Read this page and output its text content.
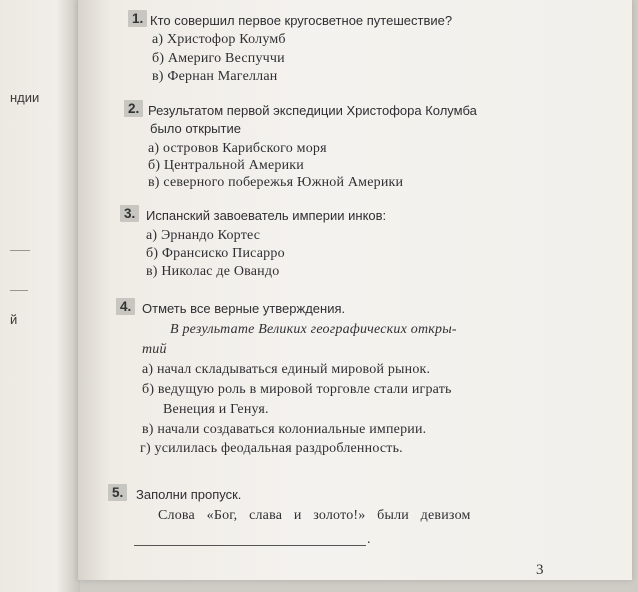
ндии
й
1. Кто совершил первое кругосветное путешествие?
а) Христофор Колумб
б) Америго Веспуччи
в) Фернан Магеллан
2. Результатом первой экспедиции Христофора Колумба
было открытие
а) островов Карибского моря
б) Центральной Америки
в) северного побережья Южной Америки
3. Испанский завоеватель империи инков:
а) Эрнандо Кортес
б) Франсиско Писарро
в) Николас де Овандо
4. Отметь все верные утверждения.
В результате Великих географических откры-
тий
а) начал складываться единый мировой рынок.
б) ведущую роль в мировой торговле стали играть
Венеция и Генуя.
в) начали создаваться колониальные империи.
г) усилилась феодальная раздробленность.
5. Заполни пропуск.
Слова «Бог, слава и золото!» были девизом
.
3
